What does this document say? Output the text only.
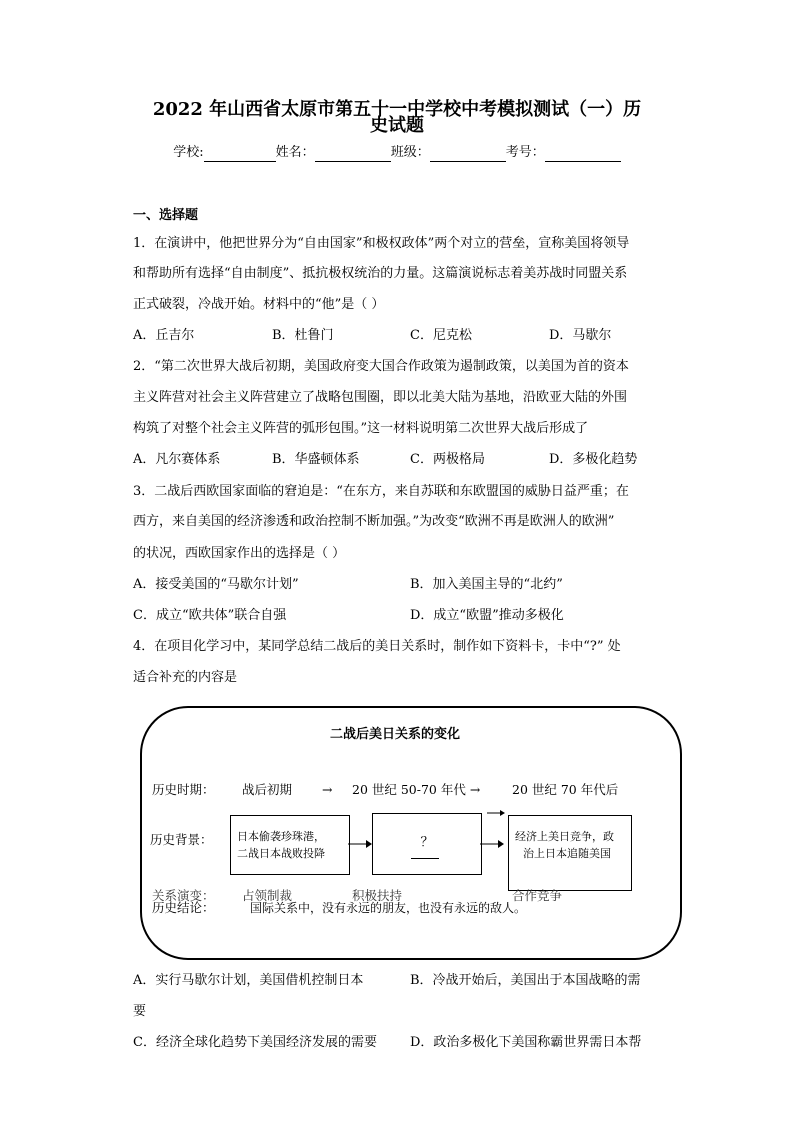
2022 年山西省太原市第五十一中学校中考模拟测试（一）历
史试题
学校:	姓名：	班级：	考号：
一、选择题
1．在演讲中，他把世界分为“自由国家”和极权政体”两个对立的营垒，宣称美国将领导
和帮助所有选择“自由制度”、抵抗极权统治的力量。这篇演说标志着美苏战时同盟关系
正式破裂，冷战开始。材料中的“他”是（ ）
A．丘吉尔	B．杜鲁门	C．尼克松	D．马歇尔
2．“第二次世界大战后初期，美国政府变大国合作政策为遏制政策，以美国为首的资本
主义阵营对社会主义阵营建立了战略包围圈，即以北美大陆为基地，沿欧亚大陆的外围
构筑了对整个社会主义阵营的弧形包围。”这一材料说明第二次世界大战后形成了
A．凡尔赛体系	B．华盛顿体系	C．两极格局	D．多极化趋势
3．二战后西欧国家面临的窘迫是：“在东方，来自苏联和东欧盟国的威胁日益严重；在
西方，来自美国的经济渗透和政治控制不断加强。”为改变“欧洲不再是欧洲人的欧洲”
的状况，西欧国家作出的选择是（ ）
A．接受美国的“马歇尔计划”	B．加入美国主导的“北约”
C．成立“欧共体”联合自强	D．成立“欧盟”推动多极化
4．在项目化学习中，某同学总结二战后的美日关系时，制作如下资料卡，卡中“?” 处
适合补充的内容是
二战后美日关系的变化
历史时期： 战后初期 → 20 世纪 50-70 年代 →	20 世纪 70 年代后
历史背景： 日本偷袭珍珠港，
二战日本战败投降
？	经济上美日竞争，政
治上日本追随美国
关系演变： 占领制裁	积极扶持	合作竞争
历史结论：	国际关系中，没有永远的朋友，也没有永远的敌人。
A．实行马歇尔计划，美国借机控制日本	B．冷战开始后，美国出于本国战略的需
要
C．经济全球化趋势下美国经济发展的需要	D．政治多极化下美国称霸世界需日本帮
